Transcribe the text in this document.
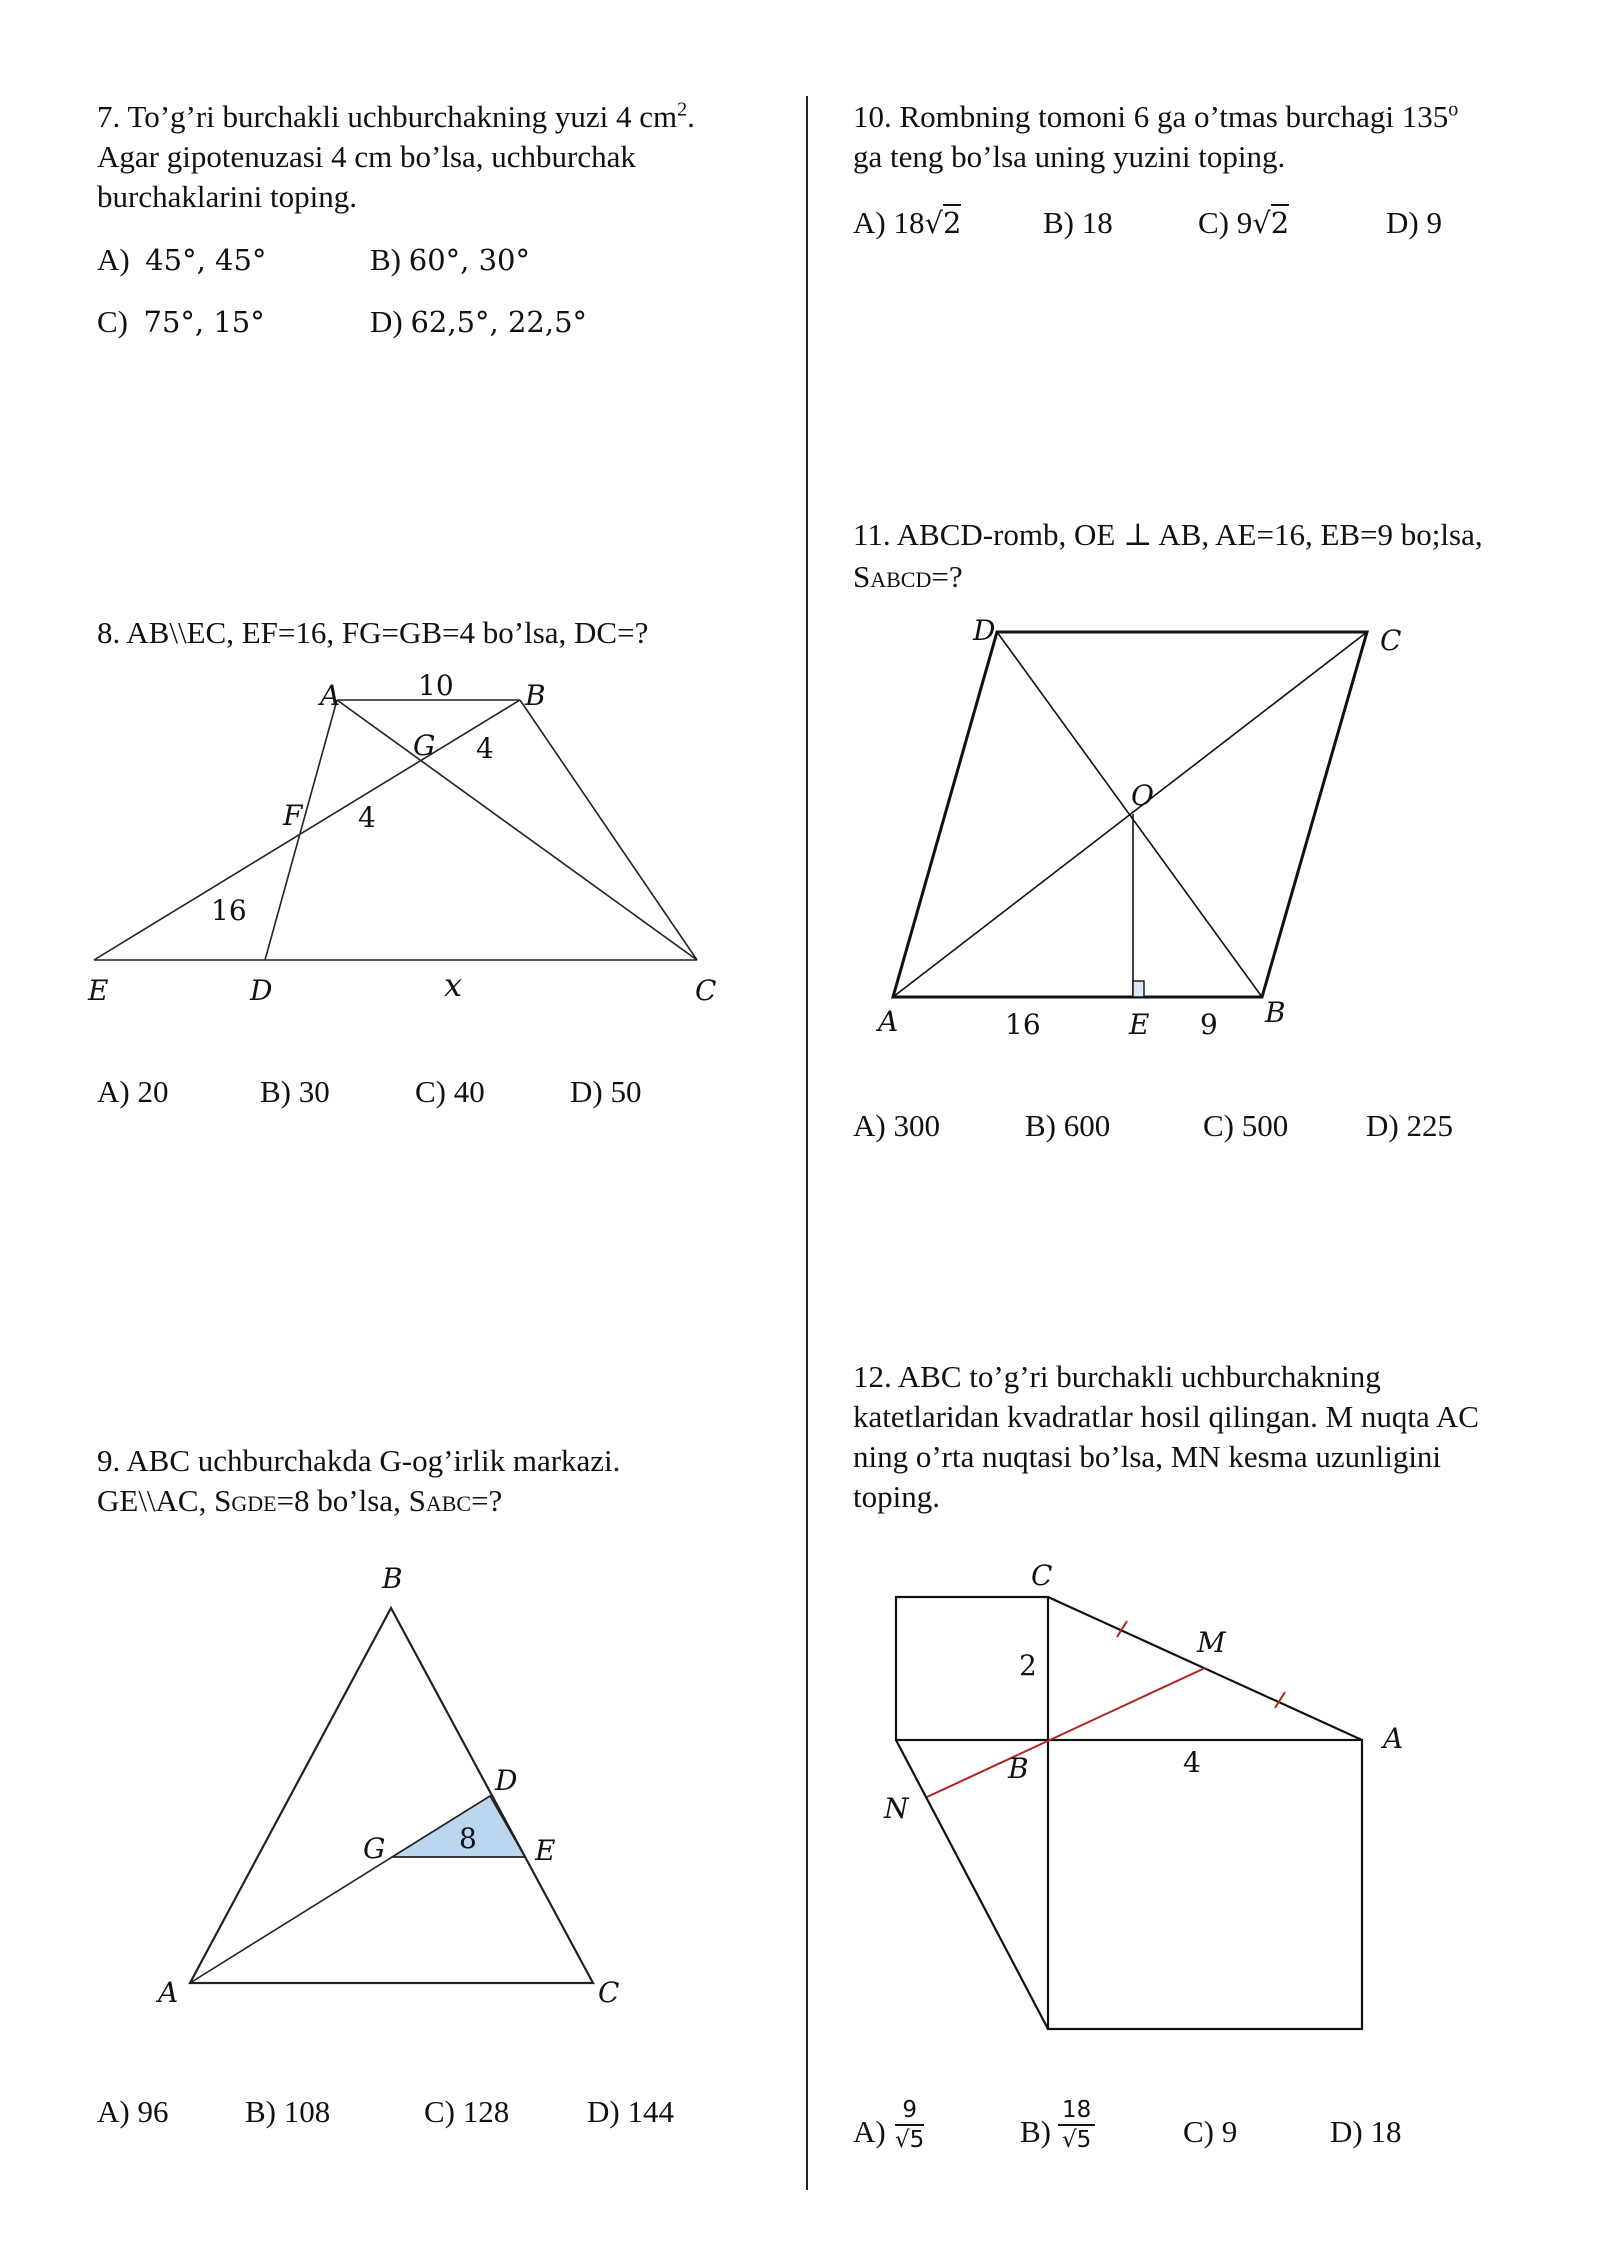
7. To’g’ri burchakli uchburchakning yuzi 4 $cm^2$.
Agar gipotenuzasi 4 cm bo’lsa, uchburchak
burchaklarini toping.
A) 45°, 45°	B) 60°, 30°
C) 75°, 15°	D) 62,5°, 22,5°
8. AB\\EC, EF=16, FG=GB=4 bo’lsa, DC=?
A	B
G
F
E	D	C
10
4
4
16
x
A) 20	B) 30	C) 40	D) 50
9. ABC uchburchakda G-og’irlik markazi.
GE\\AC, SGDE=8 bo’lsa, SABC=?
B
D
G	E
A	C
8
A) 96 B) 108	C) 128	D) 144
10. Rombning tomoni 6 ga o’tmas burchagi 135$^o$
ga teng bo’lsa uning yuzini toping.
A) 18√2	B) 18	C) 9√2	D) 9
11. ABCD-romb, OE ⊥ AB, AE=16, EB=9 bo;lsa,
SABCD=?
D	C
O
A	E	B
16	9
A) 300	B) 600	C) 500	D) 225
12. ABC to’g’ri burchakli uchburchakning
katetlaridan kvadratlar hosil qilingan. M nuqta AC
ning o’rta nuqtasi bo’lsa, MN kesma uzunligini
toping.
C
M
A
B
N
2
4
$A) \frac{9}{√5}$	$B) \frac{18}{√5}$	C) 9	D) 18
